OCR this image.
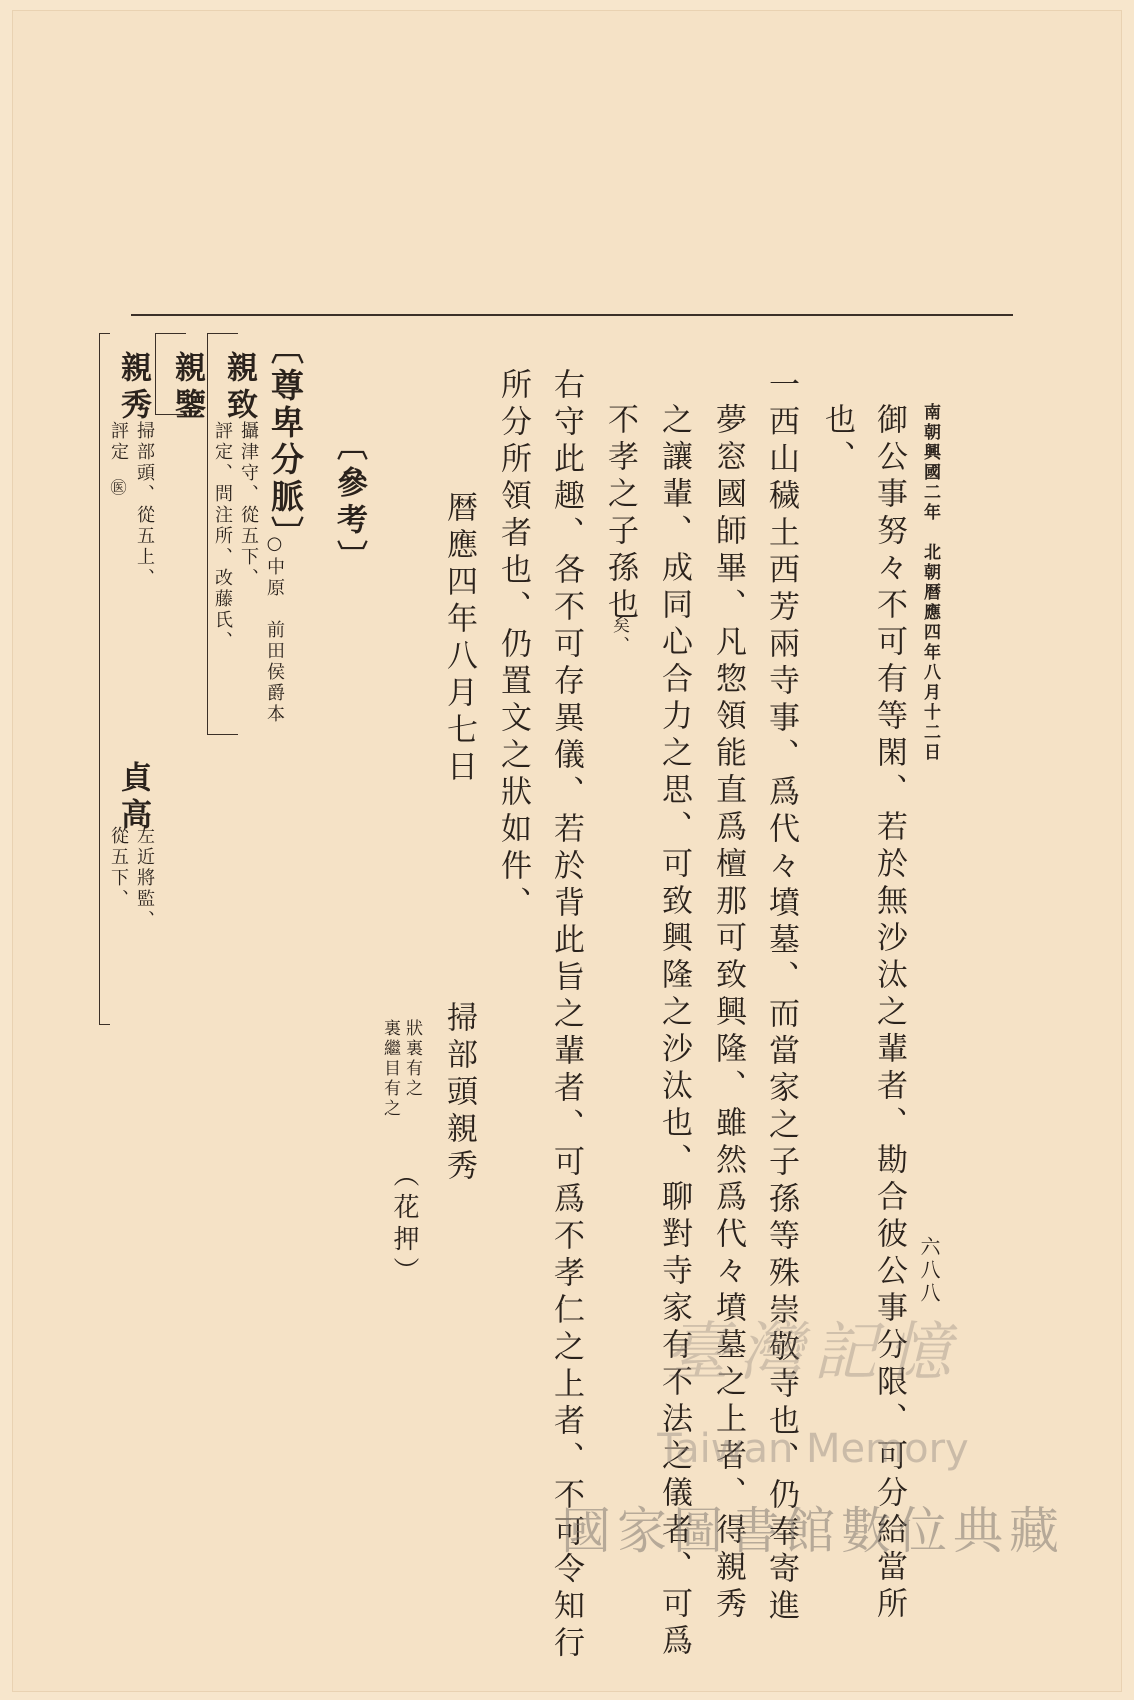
南朝興國二年　北朝暦應四年八月十二日
六八八
御公事努々不可有等閑、若於無沙汰之輩者、勘合彼公事分限、可分給當所
也、
一西山穢土西芳兩寺事、爲代々墳墓、而當家之子孫等殊崇敬寺也、仍奉寄進
夢窓國師畢、凡惣領能直爲檀那可致興隆、雖然爲代々墳墓之上者、得親秀
之讓輩、成同心合力之思、可致興隆之沙汰也、聊對寺家有不法之儀者、可爲
不孝之子孫也
矣、
右守此趣、各不可存異儀、若於背此旨之輩者、可爲不孝仁之上者、不可令知行
所分所領者也、仍置文之狀如件、
暦應四年八月七日
掃部頭親秀
（花押）
狀裏有之
裏繼目有之
〔參考〕
〔尊卑分脈〕
○中原　前田侯爵本
親致
攝津守、從五下、
評定、問注所、改藤氏、
親鑒
親秀
掃部頭、從五上、
評定
㊩
貞高
左近將監、
從五下、
臺灣記憶
Taiwan Memory
國家圖書館數位典藏
